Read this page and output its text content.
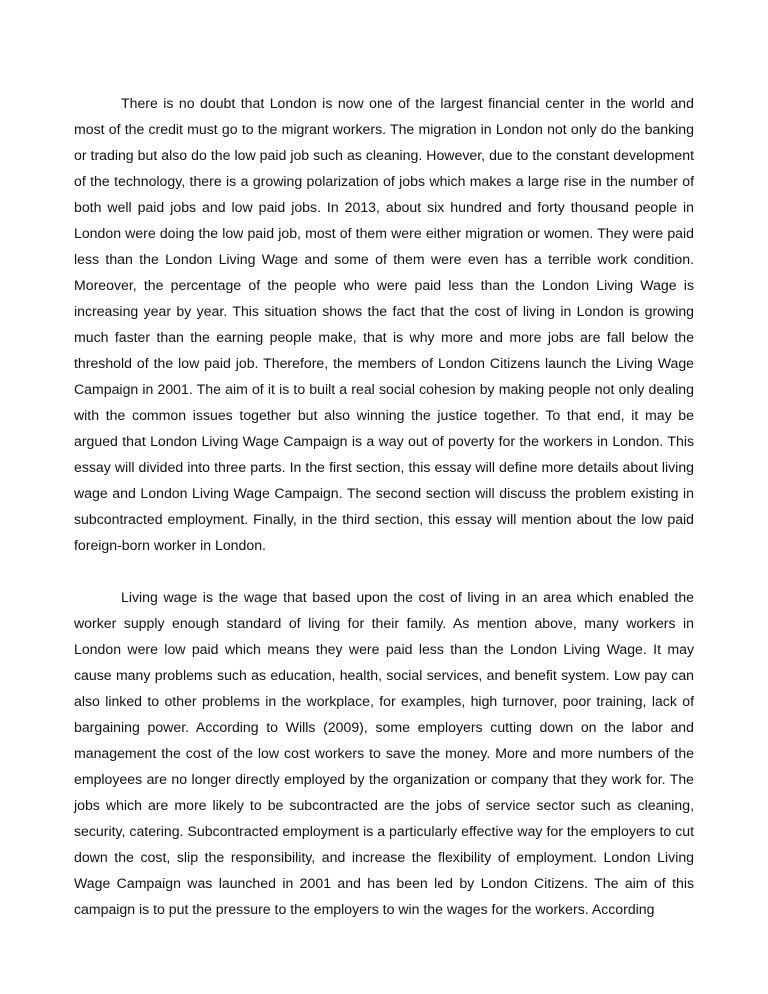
There is no doubt that London is now one of the largest financial center in the world and most of the credit must go to the migrant workers. The migration in London not only do the banking or trading but also do the low paid job such as cleaning. However, due to the constant development of the technology, there is a growing polarization of jobs which makes a large rise in the number of both well paid jobs and low paid jobs. In 2013, about six hundred and forty thousand people in London were doing the low paid job, most of them were either migration or women. They were paid less than the London Living Wage and some of them were even has a terrible work condition. Moreover, the percentage of the people who were paid less than the London Living Wage is increasing year by year. This situation shows the fact that the cost of living in London is growing much faster than the earning people make, that is why more and more jobs are fall below the threshold of the low paid job. Therefore, the members of London Citizens launch the Living Wage Campaign in 2001. The aim of it is to built a real social cohesion by making people not only dealing with the common issues together but also winning the justice together. To that end, it may be argued that London Living Wage Campaign is a way out of poverty for the workers in London. This essay will divided into three parts. In the first section, this essay will define more details about living wage and London Living Wage Campaign. The second section will discuss the problem existing in subcontracted employment. Finally, in the third section, this essay will mention about the low paid foreign-born worker in London.

Living wage is the wage that based upon the cost of living in an area which enabled the worker supply enough standard of living for their family. As mention above, many workers in London were low paid which means they were paid less than the London Living Wage. It may cause many problems such as education, health, social services, and benefit system. Low pay can also linked to other problems in the workplace, for examples, high turnover, poor training, lack of bargaining power. According to Wills (2009), some employers cutting down on the labor and management the cost of the low cost workers to save the money. More and more numbers of the employees are no longer directly employed by the organization or company that they work for. The jobs which are more likely to be subcontracted are the jobs of service sector such as cleaning, security, catering. Subcontracted employment is a particularly effective way for the employers to cut down the cost, slip the responsibility, and increase the flexibility of employment. London Living Wage Campaign was launched in 2001 and has been led by London Citizens. The aim of this campaign is to put the pressure to the employers to win the wages for the workers. According
